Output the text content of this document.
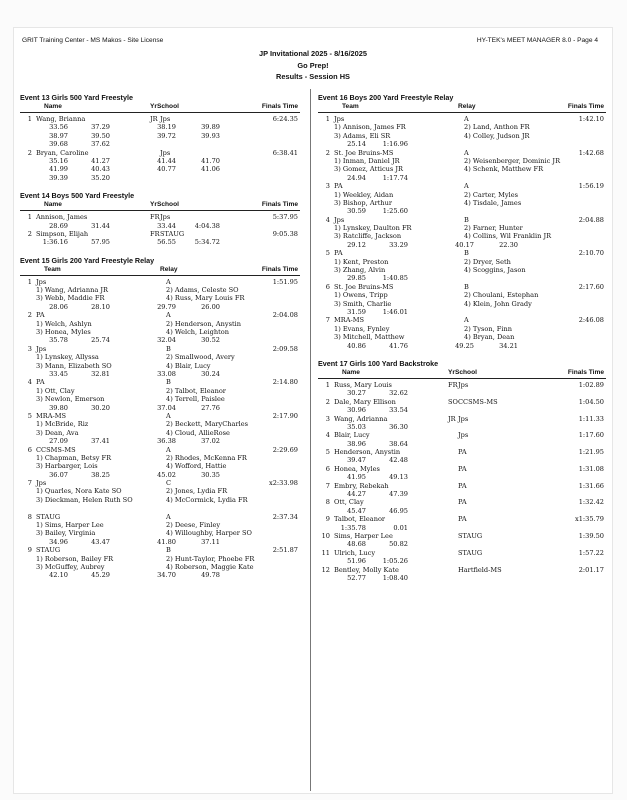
GRIT Training Center - MS Makos - Site License	HY-TEK's MEET MANAGER 8.0 - Page 4
JP Invitational 2025 - 8/16/2025
Go Prep!
Results - Session HS
Event 13 Girls 500 Yard Freestyle
Name	YrSchool	Finals Time
1 Wang, Brianna	JR Jps	6:24.35
33.56	37.29	38.19	39.89
38.97	39.50	39.72	39.93
39.68	37.62
2 Bryan, Caroline	Jps	6:38.41
35.16	41.27	41.44	41.70
41.99	40.43	40.77	41.06
39.39	35.20
Event 14 Boys 500 Yard Freestyle
Name	YrSchool	Finals Time
1 Annison, James	FR Jps	5:37.95
28.69	31.44	33.44	4:04.38
2 Simpson, Elijah	FR STAUG	9:05.38
1:36.16	57.95	56.55	5:34.72
Event 15 Girls 200 Yard Freestyle Relay
Team	Relay	Finals Time
1 Jps	A	1:51.95
1) Wang, Adrianna JR	2) Adams, Celeste SO
3) Webb, Maddie FR	4) Russ, Mary Louis FR
28.06	28.10	29.79	26.00
2 PA	A	2:04.08
1) Welch, Ashlyn	2) Henderson, Anystin
3) Honea, Myles	4) Welch, Leighton
35.78	25.74	32.04	30.52
3 Jps	B	2:09.58
1) Lynskey, Allyssa	2) Smallwood, Avery
3) Mann, Elizabeth SO	4) Blair, Lucy
33.45	32.81	33.08	30.24
4 PA	B	2:14.80
1) Ott, Clay	2) Talbot, Eleanor
3) Newlon, Emerson	4) Terrell, Paislee
39.80	30.20	37.04	27.76
5 MRA-MS	A	2:17.90
1) McBride, Riz	2) Beckett, MaryCharles
3) Dean, Ava	4) Cloud, AllieRose
27.09	37.41	36.38	37.02
6 CCSMS-MS	A	2:29.69
1) Chapman, Betsy FR	2) Rhodes, McKenna FR
3) Harbarger, Lois	4) Wofford, Hattie
36.07	38.25	45.02	30.35
7 Jps	C	x2:33.98
1) Quarles, Nora Kate SO	2) Jones, Lydia FR
3) Dieckman, Helen Ruth SO	4) McCormick, Lydia FR
8 STAUG	A	2:37.34
1) Sims, Harper Lee	2) Deese, Finley
3) Bailey, Virginia	4) Willoughby, Harper SO
34.96	43.47	41.80	37.11
9 STAUG	B	2:51.87
1) Roberson, Bailey FR	2) Hunt-Taylor, Phoebe FR
3) McGuffey, Aubrey	4) Roberson, Maggie Kate
42.10	45.29	34.70	49.78
Event 16 Boys 200 Yard Freestyle Relay
Team	Relay	Finals Time
1 Jps	A	1:42.10
1) Annison, James FR	2) Land, Anthon FR
3) Adams, Eli SR	4) Colley, Judson JR
25.14	1:16.96
2 St. Joe Bruins-MS	A	1:42.68
1) Inman, Daniel JR	2) Weisenberger, Dominic JR
3) Gomez, Atticus JR	4) Schenk, Matthew FR
24.94	1:17.74
3 PA	A	1:56.19
1) Weekley, Aidan	2) Carter, Myles
3) Bishop, Arthur	4) Tisdale, James
30.59	1:25.60
4 Jps	B	2:04.88
1) Lynskey, Daulton FR	2) Farner, Hunter
3) Ratcliffe, Jackson	4) Collins, Wil Franklin JR
29.12	33.29	40.17	22.30
5 PA	B	2:10.70
1) Kent, Preston	2) Dryer, Seth
3) Zhang, Alvin	4) Scoggins, Jason
29.85	1:40.85
6 St. Joe Bruins-MS	B	2:17.60
1) Owens, Tripp	2) Choulani, Estephan
3) Smith, Charlie	4) Klein, John Grady
31.59	1:46.01
7 MRA-MS	A	2:46.08
1) Evans, Fynley	2) Tyson, Finn
3) Mitchell, Matthew	4) Bryan, Dean
40.86	41.76	49.25	34.21
Event 17 Girls 100 Yard Backstroke
Name	YrSchool	Finals Time
1 Russ, Mary Louis	FR Jps	1:02.89
30.27	32.62
2 Dale, Mary Ellison	SO CCSMS-MS	1:04.50
30.96	33.54
3 Wang, Adrianna	JR Jps	1:11.33
35.03	36.30
4 Blair, Lucy	Jps	1:17.60
38.96	38.64
5 Henderson, Anystin	PA	1:21.95
39.47	42.48
6 Honea, Myles	PA	1:31.08
41.95	49.13
7 Embry, Rebekah	PA	1:31.66
44.27	47.39
8 Ott, Clay	PA	1:32.42
45.47	46.95
9 Talbot, Eleanor	PA	x1:35.79
1:35.78	0.01
10 Sims, Harper Lee	STAUG	1:39.50
48.68	50.82
11 Ulrich, Lucy	STAUG	1:57.22
51.96	1:05.26
12 Bentley, Molly Kate	Hartfield-MS	2:01.17
52.77	1:08.40
